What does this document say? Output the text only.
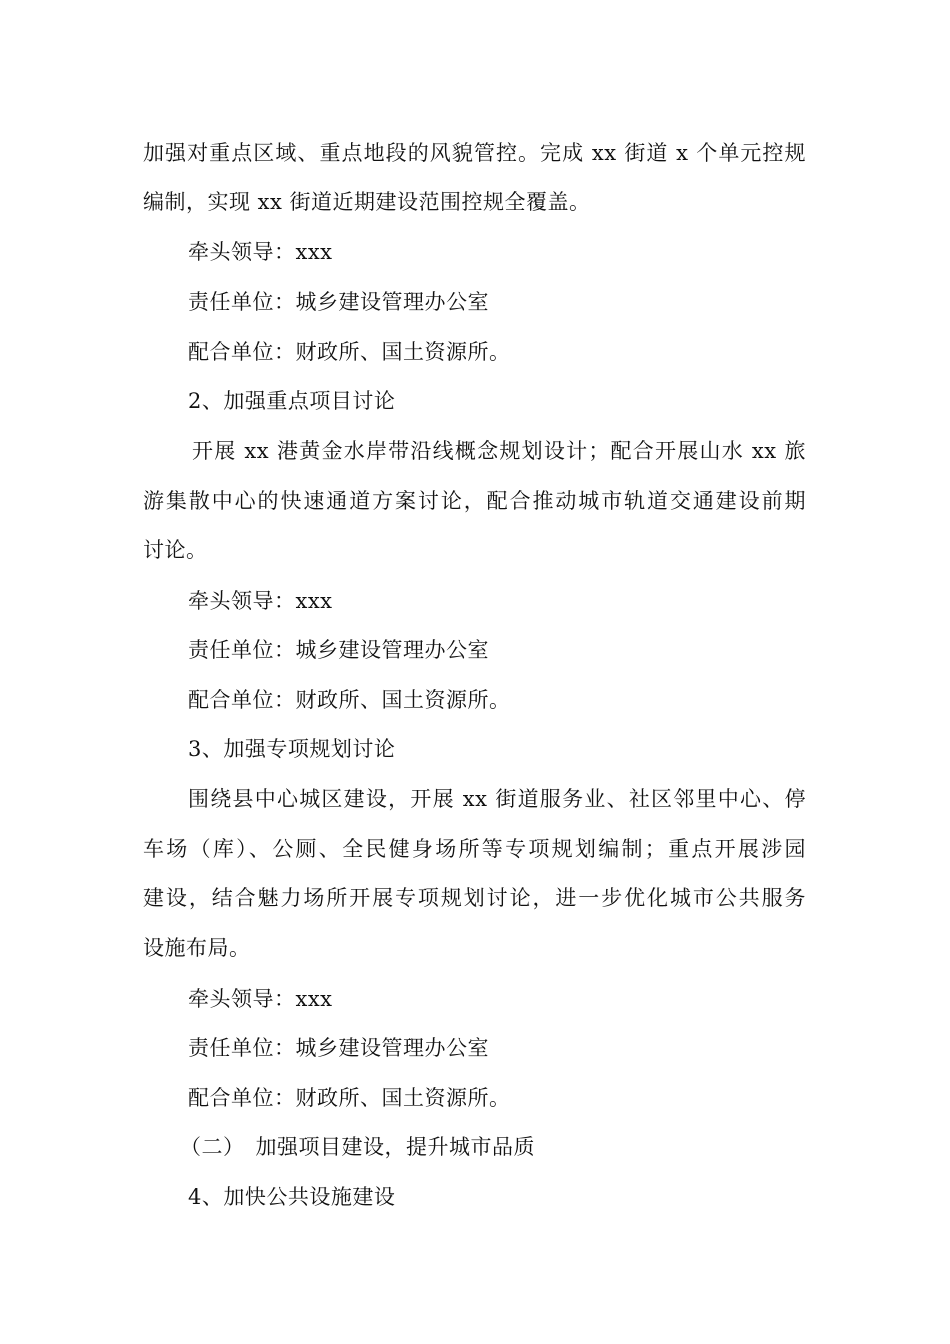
加强对重点区域、重点地段的风貌管控。完成 xx 街道 x 个单元控规
编制，实现 xx 街道近期建设范围控规全覆盖。
牵头领导：xxx
责任单位：城乡建设管理办公室
配合单位：财政所、国土资源所。
2、加强重点项目讨论
开展 xx 港黄金水岸带沿线概念规划设计；配合开展山水 xx 旅
游集散中心的快速通道方案讨论，配合推动城市轨道交通建设前期
讨论。
牵头领导：xxx
责任单位：城乡建设管理办公室
配合单位：财政所、国土资源所。
3、加强专项规划讨论
围绕县中心城区建设，开展 xx 街道服务业、社区邻里中心、停
车场（库）、公厕、全民健身场所等专项规划编制；重点开展涉园
建设，结合魅力场所开展专项规划讨论，进一步优化城市公共服务
设施布局。
牵头领导：xxx
责任单位：城乡建设管理办公室
配合单位：财政所、国土资源所。
（二）　加强项目建设，提升城市品质
4、加快公共设施建设
